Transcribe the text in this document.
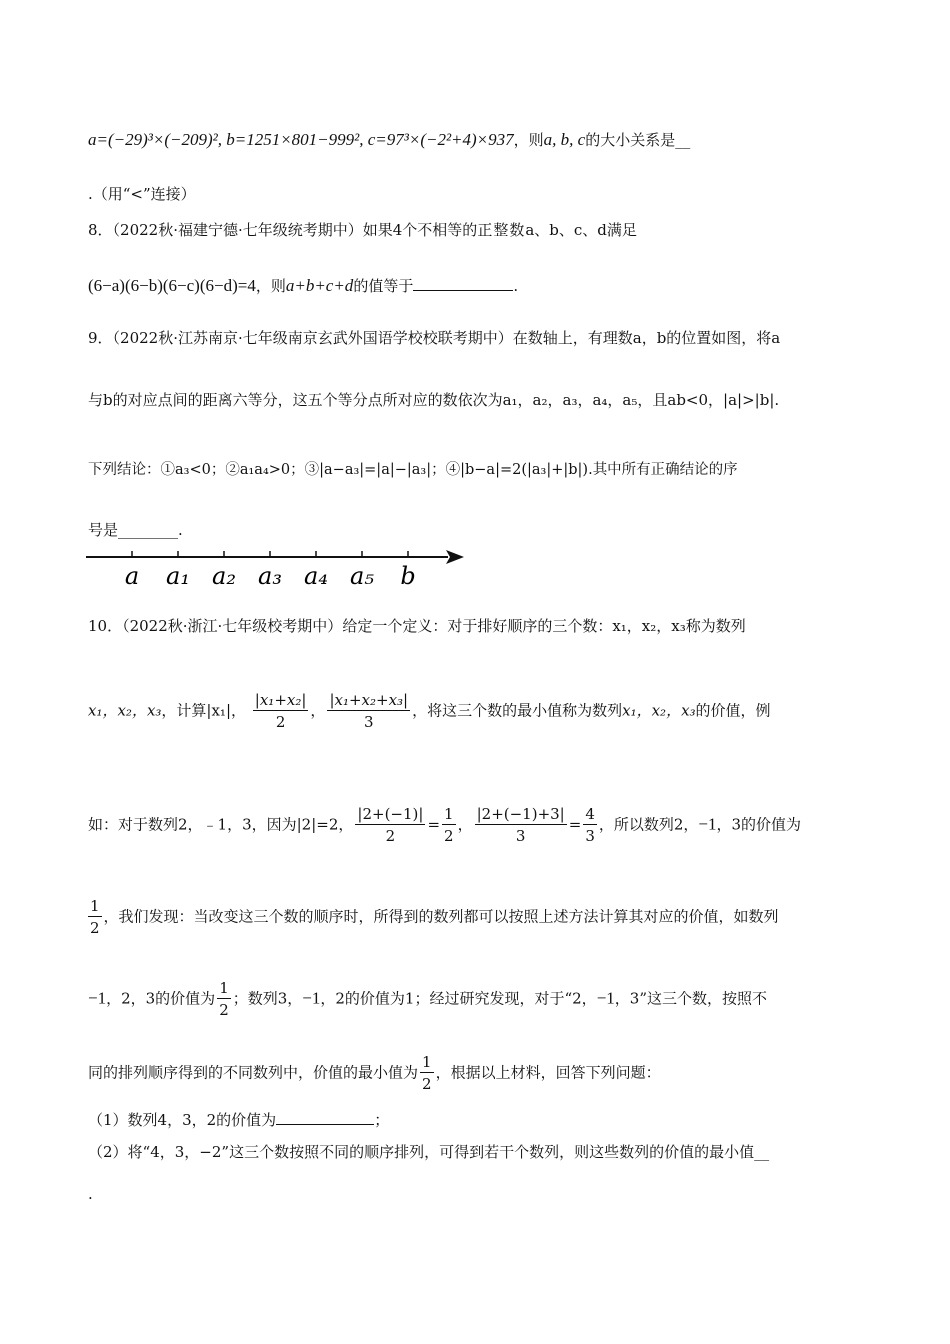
a=(−29)³×(−209)², b=1251×801−999², c=97³×(−2²+4)×937，则a, b, c的大小关系是__
.（用“<”连接）
8．（2022秋·福建宁德·七年级统考期中）如果4个不相等的正整数a、b、c、d满足
(6−a)(6−b)(6−c)(6−d)=4，则a+b+c+d的值等于	.
9．（2022秋·江苏南京·七年级南京玄武外国语学校校联考期中）在数轴上，有理数a，b的位置如图，将a
与b的对应点间的距离六等分，这五个等分点所对应的数依次为a₁，a₂，a₃，a₄，a₅，且ab<0，|a|>|b|.
下列结论：①a₃<0；②a₁a₄>0；③|a−a₃|=|a|−|a₃|；④|b−a|=2(|a₃|+|b|).其中所有正确结论的序
号是________.
a a₁ a₂ a₃ a₄ a₅ b
10．（2022秋·浙江·七年级校考期中）给定一个定义：对于排好顺序的三个数：x₁，x₂，x₃称为数列
x₁，x₂，x₃，计算|x₁|， $\frac{\text{|x₁+x₂|}}{2}$ ， $\frac{\text{|x₁+x₂+x₃|}}{3}$ ，将这三个数的最小值称为数列x₁，x₂，x₃的价值，例
如：对于数列2，﹣1，3，因为|2|=2， $\frac{|2+(-1)|}{2} = \frac{1}{2}$ ， $\frac{|2+(-1)+3|}{3} = \frac{4}{3}$ ，所以数列2，−1，3的价值为
$\frac{1}{2}$ ，我们发现：当改变这三个数的顺序时，所得到的数列都可以按照上述方法计算其对应的价值，如数列
−1，2，3的价值为 $\frac{1}{2}$ ；数列3，−1，2的价值为1；经过研究发现，对于“2，−1，3”这三个数，按照不
同的排列顺序得到的不同数列中，价值的最小值为 $\frac{1}{2}$ ，根据以上材料，回答下列问题：
（1）数列4，3，2的价值为	；
（2）将“4，3，−2”这三个数按照不同的顺序排列，可得到若干个数列，则这些数列的价值的最小值__
.
